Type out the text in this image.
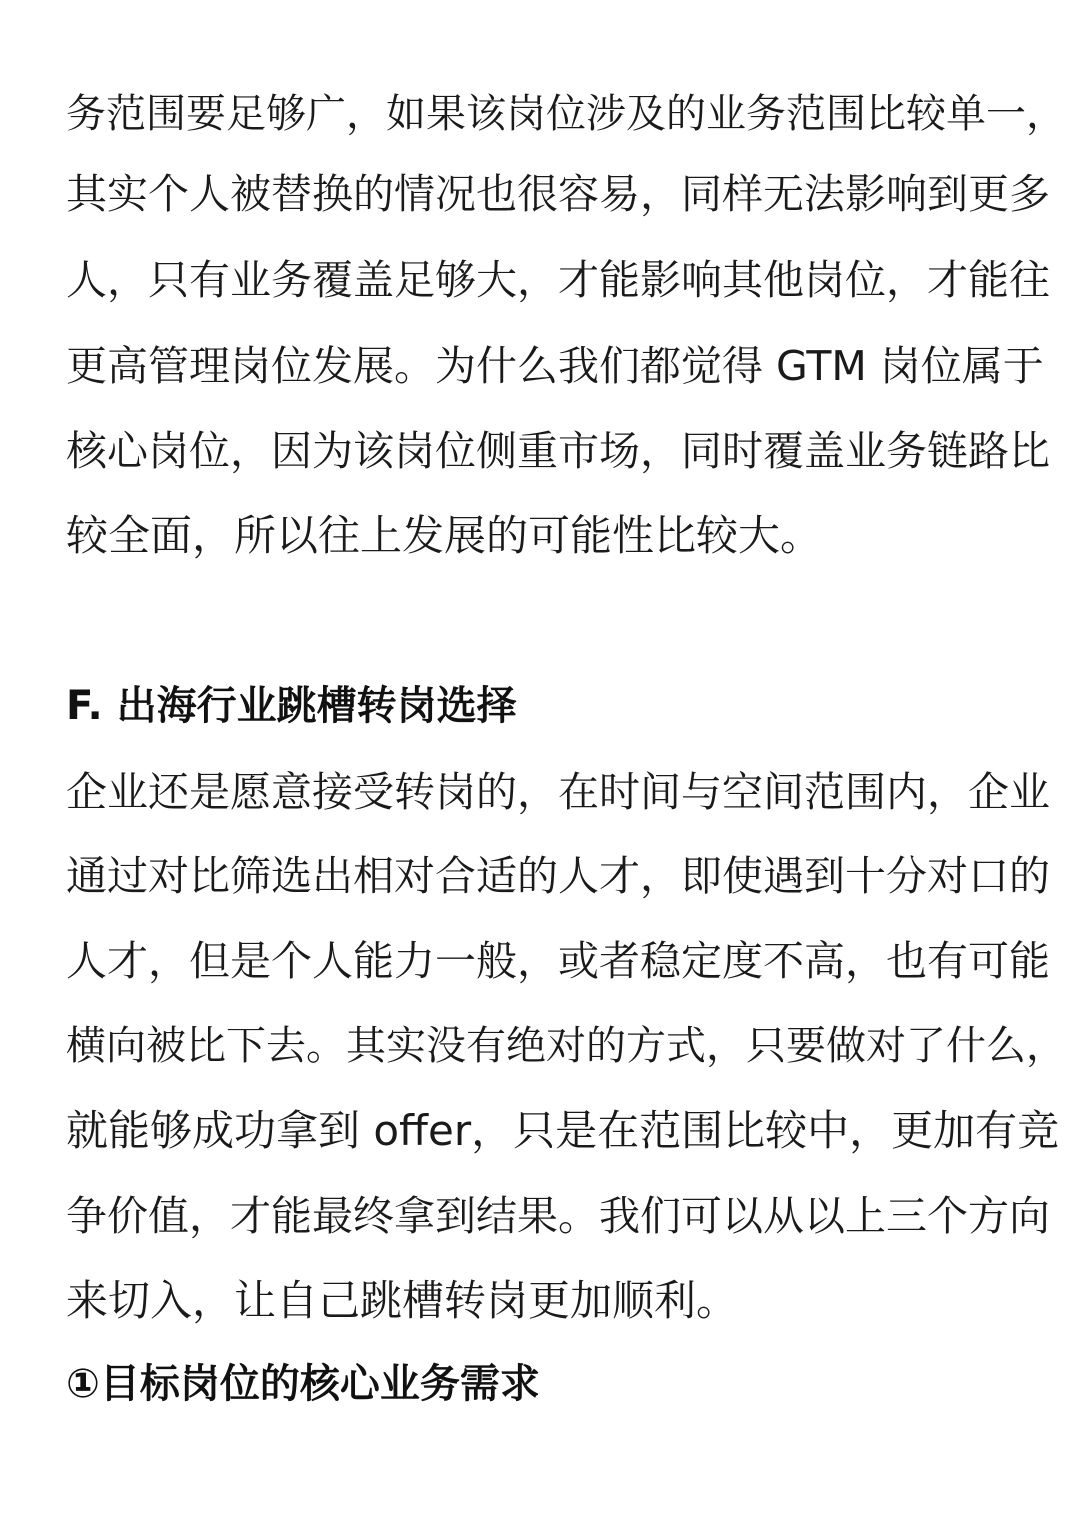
务范围要足够广，如果该岗位涉及的业务范围比较单一，

其实个人被替换的情况也很容易，同样无法影响到更多

人，只有业务覆盖足够大，才能影响其他岗位，才能往

更高管理岗位发展。为什么我们都觉得 GTM 岗位属于

核心岗位，因为该岗位侧重市场，同时覆盖业务链路比

较全面，所以往上发展的可能性比较大。

F. 出海行业跳槽转岗选择

企业还是愿意接受转岗的，在时间与空间范围内，企业

通过对比筛选出相对合适的人才，即使遇到十分对口的

人才，但是个人能力一般，或者稳定度不高，也有可能

横向被比下去。其实没有绝对的方式，只要做对了什么，

就能够成功拿到 offer，只是在范围比较中，更加有竞

争价值，才能最终拿到结果。我们可以从以上三个方向

来切入，让自己跳槽转岗更加顺利。

①目标岗位的核心业务需求
